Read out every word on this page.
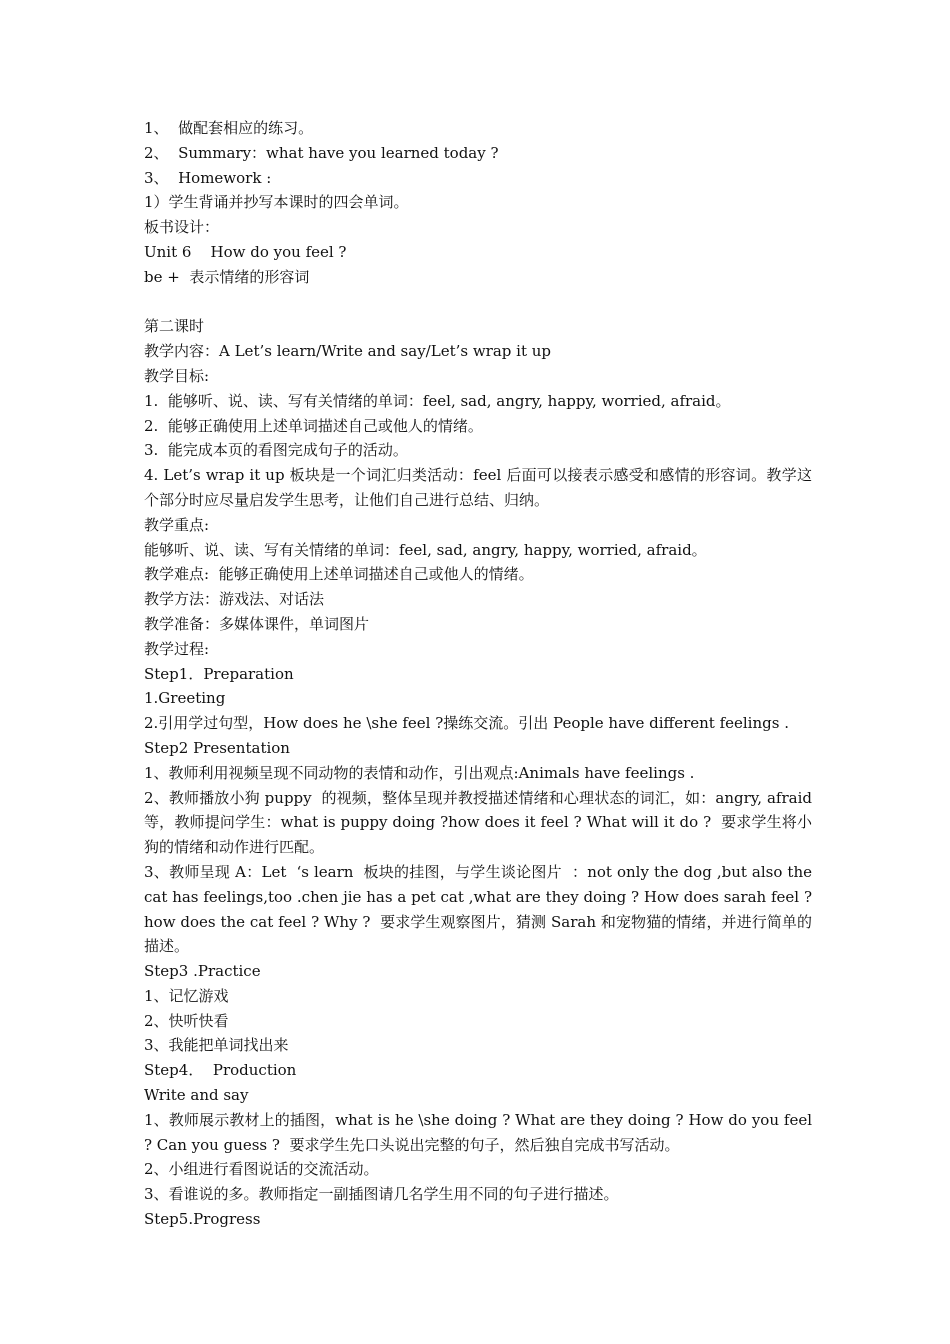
1、  做配套相应的练习。
2、  Summary：what have you learned today ?
3、  Homework :
1）学生背诵并抄写本课时的四会单词。
板书设计：
Unit 6    How do you feel ?
be +  表示情绪的形容词
第二课时
教学内容：A Let’s learn/Write and say/Let’s wrap it up
教学目标:
1.  能够听、说、读、写有关情绪的单词：feel, sad, angry, happy, worried, afraid。
2.  能够正确使用上述单词描述自己或他人的情绪。
3.  能完成本页的看图完成句子的活动。
4. Let’s wrap it up 板块是一个词汇归类活动：feel 后面可以接表示感受和感情的形容词。教学这个部分时应尽量启发学生思考，让他们自己进行总结、归纳。
教学重点:
能够听、说、读、写有关情绪的单词：feel, sad, angry, happy, worried, afraid。
教学难点:  能够正确使用上述单词描述自己或他人的情绪。
教学方法：游戏法、对话法
教学准备：多媒体课件，单词图片
教学过程:
Step1．Preparation
1.Greeting
2.引用学过句型，How does he \she feel ?操练交流。引出 People have different feelings .
Step2 Presentation
1、教师利用视频呈现不同动物的表情和动作，引出观点:Animals have feelings .
2、教师播放小狗 puppy  的视频，整体呈现并教授描述情绪和心理状态的词汇，如：angry, afraid 等，教师提问学生：what is puppy doing ?how does it feel ? What will it do ?  要求学生将小狗的情绪和动作进行匹配。
3、教师呈现 A：Let  ‘s learn  板块的挂图，与学生谈论图片  ：not only the dog ,but also the cat has feelings,too .chen jie has a pet cat ,what are they doing ? How does sarah feel ?how does the cat feel ? Why ?  要求学生观察图片，猜测 Sarah 和宠物猫的情绪，并进行简单的描述。
Step3 .Practice
1、记忆游戏
2、快听快看
3、我能把单词找出来
Step4．  Production
Write and say
1、教师展示教材上的插图，what is he \she doing ? What are they doing ? How do you feel ? Can you guess ?  要求学生先口头说出完整的句子，然后独自完成书写活动。
2、小组进行看图说话的交流活动。
3、看谁说的多。教师指定一副插图请几名学生用不同的句子进行描述。
Step5.Progress
